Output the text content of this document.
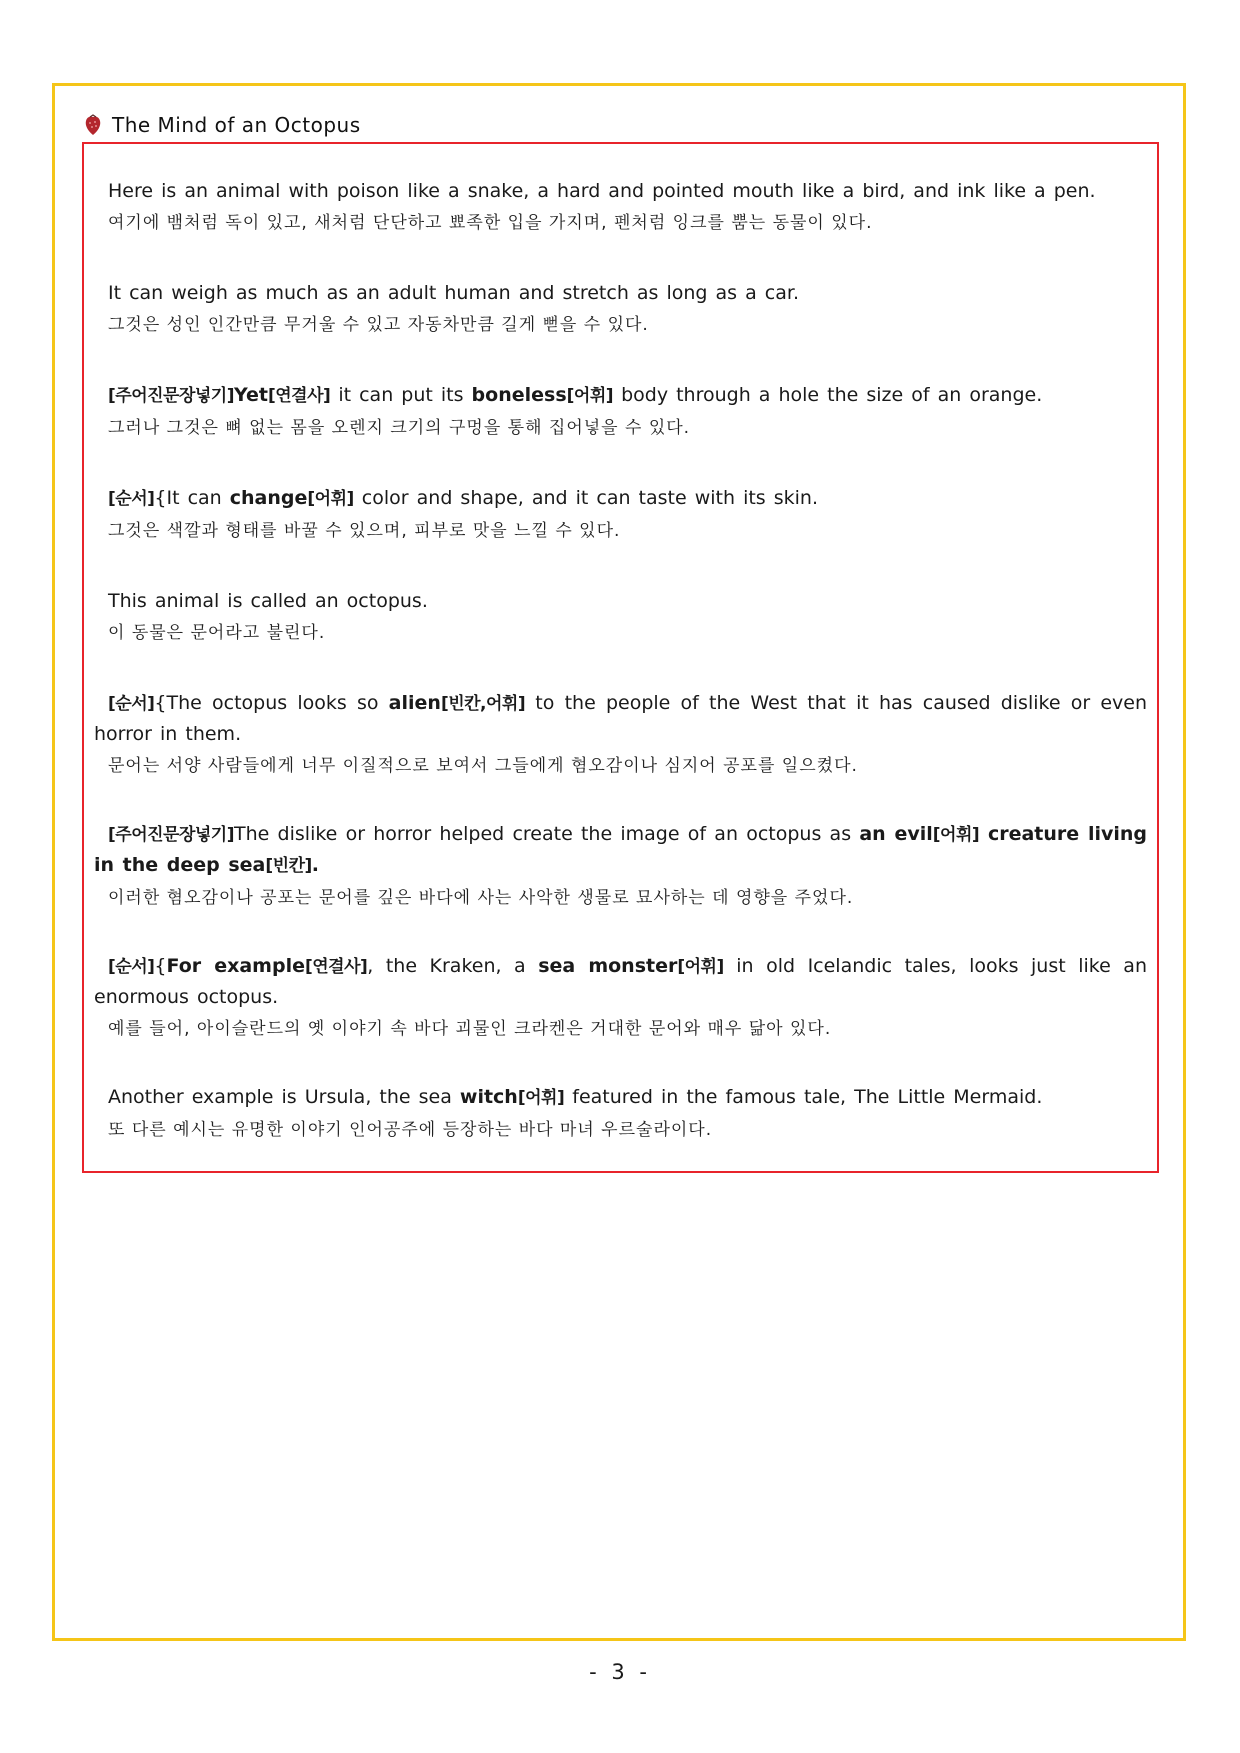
The Mind of an Octopus

Here is an animal with poison like a snake, a hard and pointed mouth like a bird, and ink like a pen.

여기에 뱀처럼 독이 있고, 새처럼 단단하고 뾰족한 입을 가지며, 펜처럼 잉크를 뿜는 동물이 있다.

It can weigh as much as an adult human and stretch as long as a car.

그것은 성인 인간만큼 무거울 수 있고 자동차만큼 길게 뻗을 수 있다.

[주어진문장넣기]Yet[연결사] it can put its boneless[어휘] body through a hole the size of an orange.

그러나 그것은 뼈 없는 몸을 오렌지 크기의 구멍을 통해 집어넣을 수 있다.

[순서]{It can change[어휘] color and shape, and it can taste with its skin.

그것은 색깔과 형태를 바꿀 수 있으며, 피부로 맛을 느낄 수 있다.

This animal is called an octopus.

이 동물은 문어라고 불린다.

[순서]{The octopus looks so alien[빈칸,어휘] to the people of the West that it has caused dislike or even horror in them.

문어는 서양 사람들에게 너무 이질적으로 보여서 그들에게 혐오감이나 심지어 공포를 일으켰다.

[주어진문장넣기]The dislike or horror helped create the image of an octopus as an evil[어휘] creature living in the deep sea[빈칸].

이러한 혐오감이나 공포는 문어를 깊은 바다에 사는 사악한 생물로 묘사하는 데 영향을 주었다.

[순서]{For example[연결사], the Kraken, a sea monster[어휘] in old Icelandic tales, looks just like an enormous octopus.

예를 들어, 아이슬란드의 옛 이야기 속 바다 괴물인 크라켄은 거대한 문어와 매우 닮아 있다.

Another example is Ursula, the sea witch[어휘] featured in the famous tale, The Little Mermaid.

또 다른 예시는 유명한 이야기 인어공주에 등장하는 바다 마녀 우르술라이다.

- 3 -
